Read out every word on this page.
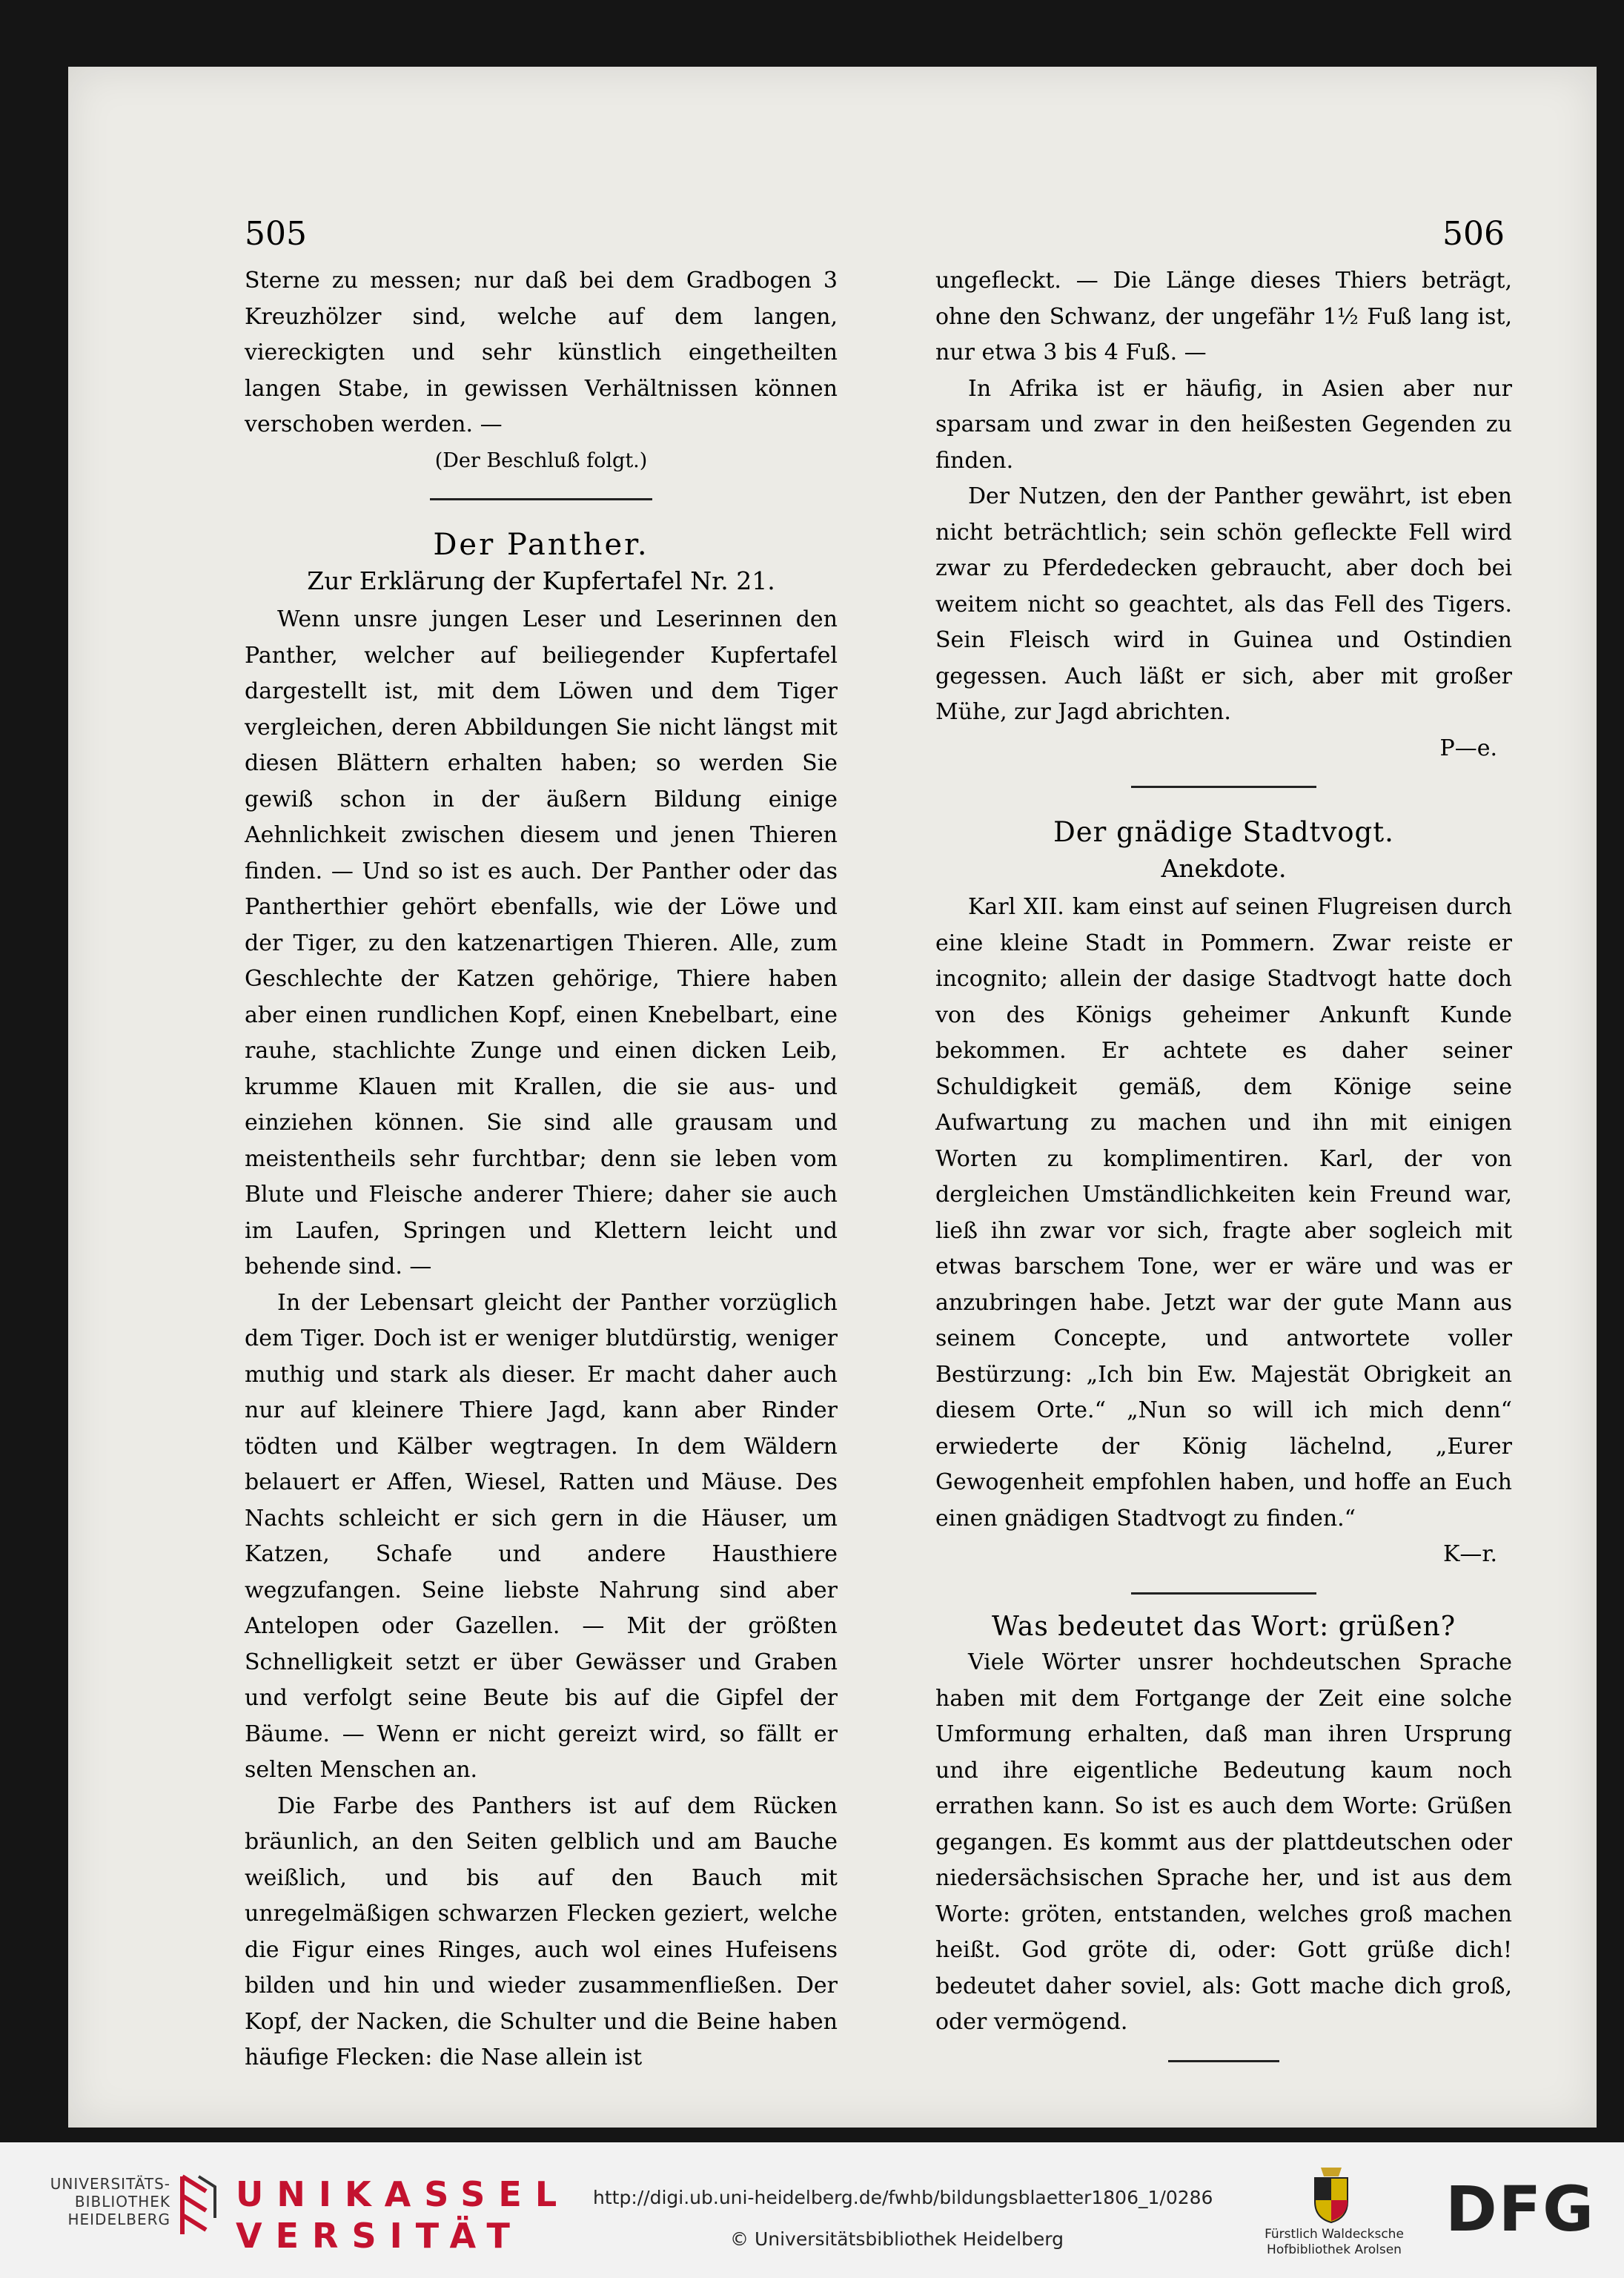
505	506

Sterne zu messen; nur daß bei dem Gradbogen 3 Kreuzhölzer sind, welche auf dem langen, viereckigten und sehr künstlich eingetheilten langen Stabe, in gewissen Verhältnissen können verschoben werden. —

(Der Beschluß folgt.)
Der Panther.
Zur Erklärung der Kupfertafel Nr. 21.

Wenn unsre jungen Leser und Leserinnen den Panther, welcher auf beiliegender Kupfertafel dargestellt ist, mit dem Löwen und dem Tiger vergleichen, deren Abbildungen Sie nicht längst mit diesen Blättern erhalten haben; so werden Sie gewiß schon in der äußern Bildung einige Aehnlichkeit zwischen diesem und jenen Thieren finden. — Und so ist es auch. Der Panther oder das Pantherthier gehört ebenfalls, wie der Löwe und der Tiger, zu den katzenartigen Thieren. Alle, zum Geschlechte der Katzen gehörige, Thiere haben aber einen rundlichen Kopf, einen Knebelbart, eine rauhe, stachlichte Zunge und einen dicken Leib, krumme Klauen mit Krallen, die sie aus- und einziehen können. Sie sind alle grausam und meistentheils sehr furchtbar; denn sie leben vom Blute und Fleische anderer Thiere; daher sie auch im Laufen, Springen und Klettern leicht und behende sind. —

In der Lebensart gleicht der Panther vorzüglich dem Tiger. Doch ist er weniger blutdürstig, weniger muthig und stark als dieser. Er macht daher auch nur auf kleinere Thiere Jagd, kann aber Rinder tödten und Kälber wegtragen. In dem Wäldern belauert er Affen, Wiesel, Ratten und Mäuse. Des Nachts schleicht er sich gern in die Häuser, um Katzen, Schafe und andere Hausthiere wegzufangen. Seine liebste Nahrung sind aber Antelopen oder Gazellen. — Mit der größten Schnelligkeit setzt er über Gewässer und Graben und verfolgt seine Beute bis auf die Gipfel der Bäume. — Wenn er nicht gereizt wird, so fällt er selten Menschen an.

Die Farbe des Panthers ist auf dem Rücken bräunlich, an den Seiten gelblich und am Bauche weißlich, und bis auf den Bauch mit unregelmäßigen schwarzen Flecken geziert, welche die Figur eines Ringes, auch wol eines Hufeisens bilden und hin und wieder zusammenfließen. Der Kopf, der Nacken, die Schulter und die Beine haben häufige Flecken: die Nase allein ist

ungefleckt. — Die Länge dieses Thiers beträgt, ohne den Schwanz, der ungefähr 1½ Fuß lang ist, nur etwa 3 bis 4 Fuß. —

In Afrika ist er häufig, in Asien aber nur sparsam und zwar in den heißesten Gegenden zu finden.

Der Nutzen, den der Panther gewährt, ist eben nicht beträchtlich; sein schön gefleckte Fell wird zwar zu Pferdedecken gebraucht, aber doch bei weitem nicht so geachtet, als das Fell des Tigers. Sein Fleisch wird in Guinea und Ostindien gegessen. Auch läßt er sich, aber mit großer Mühe, zur Jagd abrichten.

P—e.
Der gnädige Stadtvogt.
Anekdote.

Karl XII. kam einst auf seinen Flugreisen durch eine kleine Stadt in Pommern. Zwar reiste er incognito; allein der dasige Stadtvogt hatte doch von des Königs geheimer Ankunft Kunde bekommen. Er achtete es daher seiner Schuldigkeit gemäß, dem Könige seine Aufwartung zu machen und ihn mit einigen Worten zu komplimentiren. Karl, der von dergleichen Umständlichkeiten kein Freund war, ließ ihn zwar vor sich, fragte aber sogleich mit etwas barschem Tone, wer er wäre und was er anzubringen habe. Jetzt war der gute Mann aus seinem Concepte, und antwortete voller Bestürzung: „Ich bin Ew. Majestät Obrigkeit an diesem Orte.“ „Nun so will ich mich denn“ erwiederte der König lächelnd, „Eurer Gewogenheit empfohlen haben, und hoffe an Euch einen gnädigen Stadtvogt zu finden.“

K—r.
Was bedeutet das Wort: grüßen?

Viele Wörter unsrer hochdeutschen Sprache haben mit dem Fortgange der Zeit eine solche Umformung erhalten, daß man ihren Ursprung und ihre eigentliche Bedeutung kaum noch errathen kann. So ist es auch dem Worte: Grüßen gegangen. Es kommt aus der plattdeutschen oder niedersächsischen Sprache her, und ist aus dem Worte: gröten, entstanden, welches groß machen heißt. God gröte di, oder: Gott grüße dich! bedeutet daher soviel, als: Gott mache dich groß, oder vermögend.

UNIVERSITÄTS-
BIBLIOTHEK
HEIDELBERG
UNIKASSEL
VERSITÄT
http://digi.ub.uni-heidelberg.de/fwhb/bildungsblaetter1806_1/0286
© Universitätsbibliothek Heidelberg	Fürstlich Waldecksche
Hofbibliothek Arolsen
DFG
